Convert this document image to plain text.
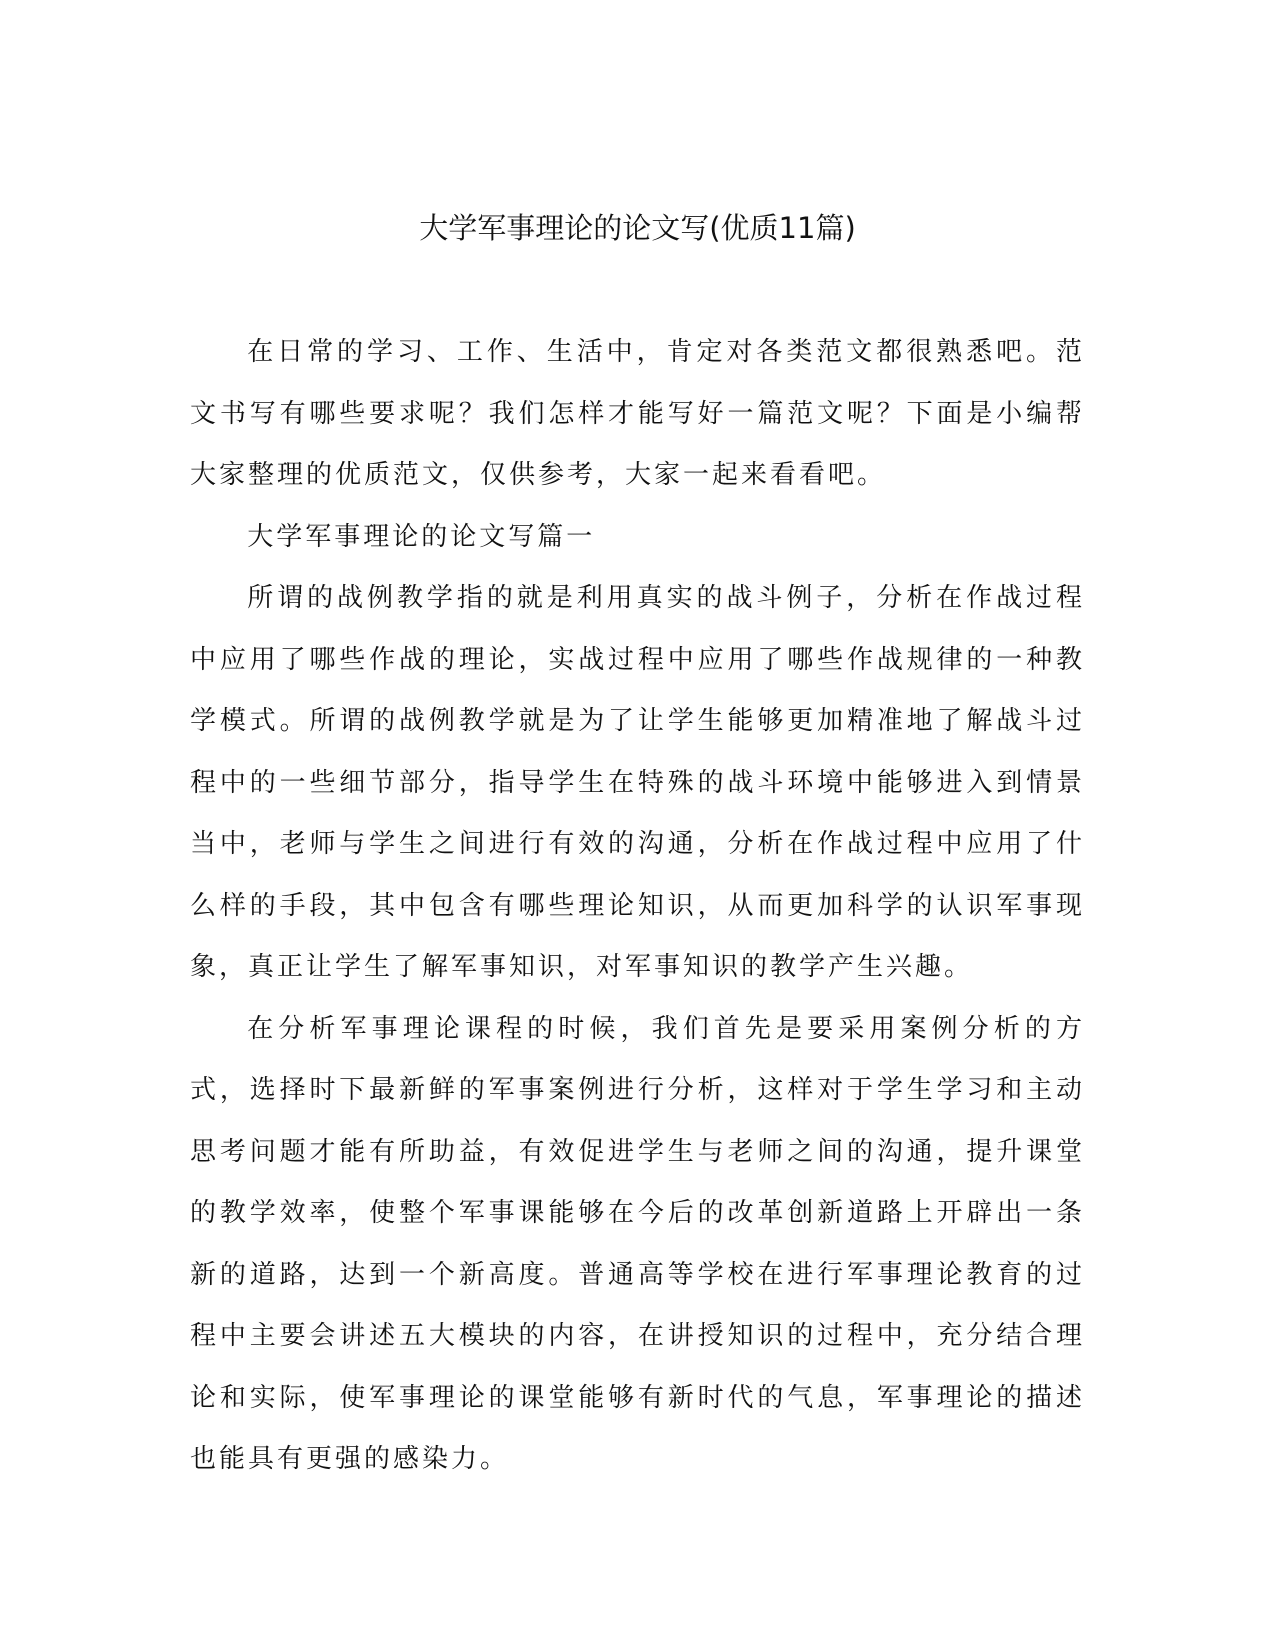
大学军事理论的论文写(优质11篇)

在日常的学习、工作、生活中，肯定对各类范文都很熟悉吧。范文书写有哪些要求呢？我们怎样才能写好一篇范文呢？下面是小编帮大家整理的优质范文，仅供参考，大家一起来看看吧。

大学军事理论的论文写篇一

所谓的战例教学指的就是利用真实的战斗例子，分析在作战过程中应用了哪些作战的理论，实战过程中应用了哪些作战规律的一种教学模式。所谓的战例教学就是为了让学生能够更加精准地了解战斗过程中的一些细节部分，指导学生在特殊的战斗环境中能够进入到情景当中，老师与学生之间进行有效的沟通，分析在作战过程中应用了什么样的手段，其中包含有哪些理论知识，从而更加科学的认识军事现象，真正让学生了解军事知识，对军事知识的教学产生兴趣。

在分析军事理论课程的时候，我们首先是要采用案例分析的方式，选择时下最新鲜的军事案例进行分析，这样对于学生学习和主动思考问题才能有所助益，有效促进学生与老师之间的沟通，提升课堂的教学效率，使整个军事课能够在今后的改革创新道路上开辟出一条新的道路，达到一个新高度。普通高等学校在进行军事理论教育的过程中主要会讲述五大模块的内容，在讲授知识的过程中，充分结合理论和实际，使军事理论的课堂能够有新时代的气息，军事理论的描述也能具有更强的感染力。
